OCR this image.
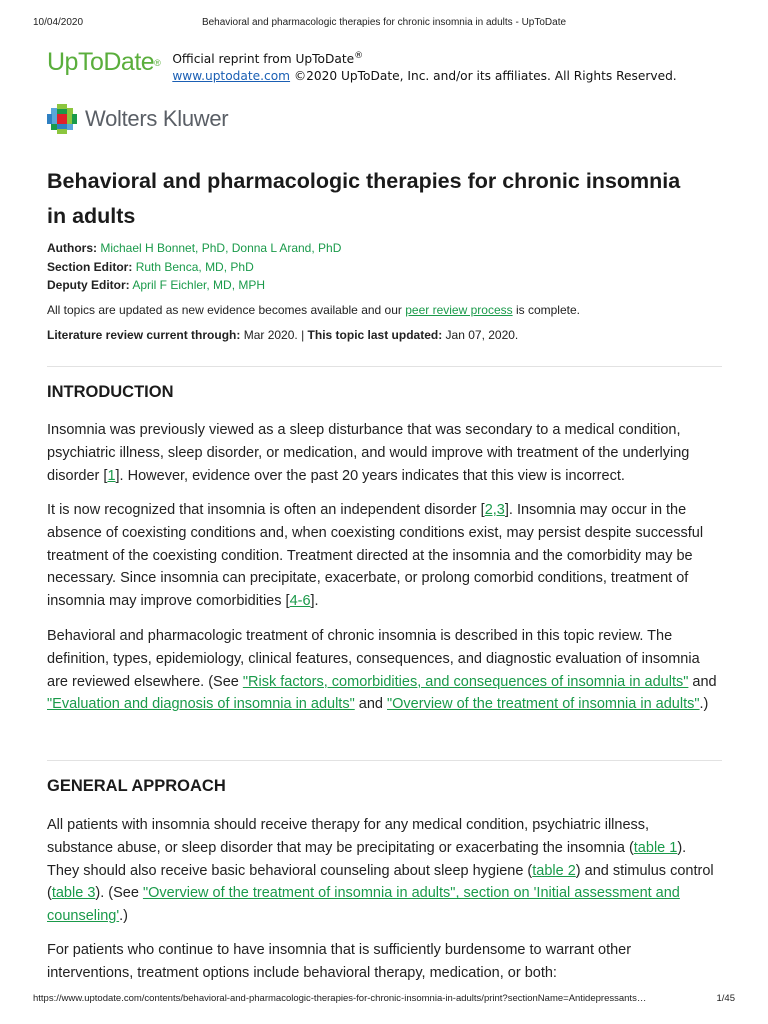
10/04/2020	Behavioral and pharmacologic therapies for chronic insomnia in adults - UpToDate
UpToDate® Official reprint from UpToDate®
www.uptodate.com ©2020 UpToDate, Inc. and/or its affiliates. All Rights Reserved.
Wolters Kluwer
Behavioral and pharmacologic therapies for chronic insomnia in adults
Authors: Michael H Bonnet, PhD, Donna L Arand, PhD
Section Editor: Ruth Benca, MD, PhD
Deputy Editor: April F Eichler, MD, MPH
All topics are updated as new evidence becomes available and our peer review process is complete.
Literature review current through: Mar 2020. | This topic last updated: Jan 07, 2020.
INTRODUCTION

Insomnia was previously viewed as a sleep disturbance that was secondary to a medical condition, psychiatric illness, sleep disorder, or medication, and would improve with treatment of the underlying disorder [1]. However, evidence over the past 20 years indicates that this view is incorrect.

It is now recognized that insomnia is often an independent disorder [2,3]. Insomnia may occur in the absence of coexisting conditions and, when coexisting conditions exist, may persist despite successful treatment of the coexisting condition. Treatment directed at the insomnia and the comorbidity may be necessary. Since insomnia can precipitate, exacerbate, or prolong comorbid conditions, treatment of insomnia may improve comorbidities [4-6].

Behavioral and pharmacologic treatment of chronic insomnia is described in this topic review. The definition, types, epidemiology, clinical features, consequences, and diagnostic evaluation of insomnia are reviewed elsewhere. (See "Risk factors, comorbidities, and consequences of insomnia in adults" and "Evaluation and diagnosis of insomnia in adults" and "Overview of the treatment of insomnia in adults".)

GENERAL APPROACH

All patients with insomnia should receive therapy for any medical condition, psychiatric illness, substance abuse, or sleep disorder that may be precipitating or exacerbating the insomnia (table 1). They should also receive basic behavioral counseling about sleep hygiene (table 2) and stimulus control (table 3). (See "Overview of the treatment of insomnia in adults", section on 'Initial assessment and counseling'.)

For patients who continue to have insomnia that is sufficiently burdensome to warrant other interventions, treatment options include behavioral therapy, medication, or both:

https://www.uptodate.com/contents/behavioral-and-pharmacologic-therapies-for-chronic-insomnia-in-adults/print?sectionName=Antidepressants…	1/45
